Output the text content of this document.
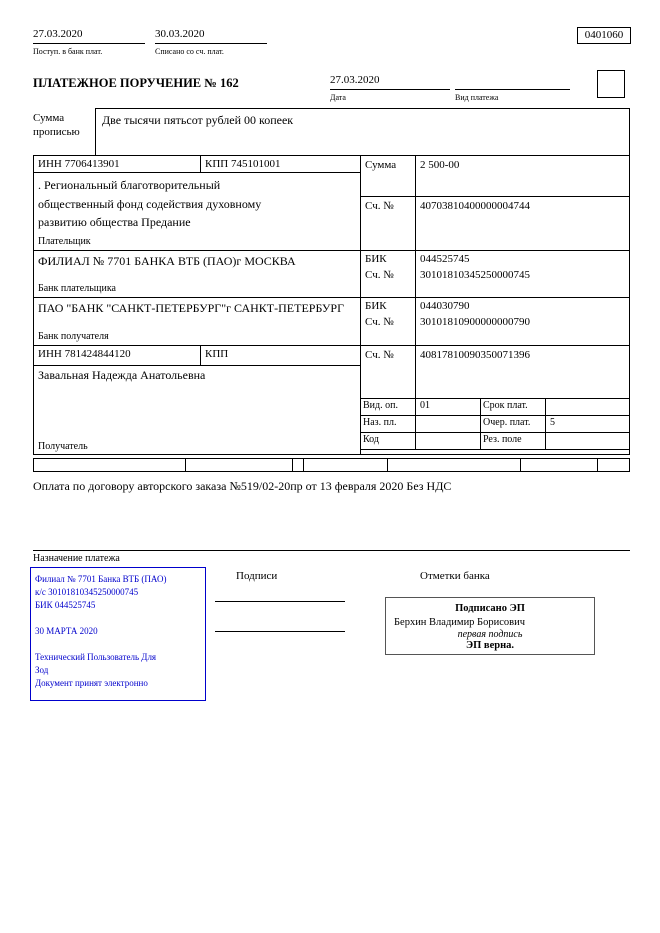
27.03.2020
Поступ. в банк плат.
30.03.2020
Списано со сч. плат.
0401060
ПЛАТЕЖНОЕ ПОРУЧЕНИЕ № 162	27.03.2020
Дата	Вид платежа
Сумма прописью
Две тысячи пятьсот рублей 00 копеек
ИНН 7706413901	КПП 745101001	Сумма 2 500-00
. Региональный благотворительный общественный фонд содействия духовному развитию общества Предание
Плательщик
Сч. № 40703810400000004744
ФИЛИАЛ № 7701 БАНКА ВТБ (ПАО)г МОСКВА	БИК	044525745
Сч. № 30101810345250000745
Банк плательщика
ПАО "БАНК "САНКТ-ПЕТЕРБУРГ"г САНКТ-ПЕТЕРБУРГ БИК	044030790
Сч. № 30101810900000000790
Банк получателя
ИНН 781424844120	КПП	Сч. № 40817810090350071396
Завальная Надежда Анатольевна
Получатель
Вид. оп. 01	Срок плат.
Наз. пл.	Очер. плат. 5
Код	Рез. поле
Оплата по договору авторского заказа №519/02-20пр от 13 февраля 2020 Без НДС
Назначение платежа
Филиал № 7701 Банка ВТБ (ПАО)
к/с 30101810345250000745
БИК 044525745
30 МАРТА 2020
Технический Пользователь Для
Зод
Документ принят электронно
Подписи	Отметки банка
Подписано ЭП
Берхин Владимир Борисович
первая подпись
ЭП верна.
